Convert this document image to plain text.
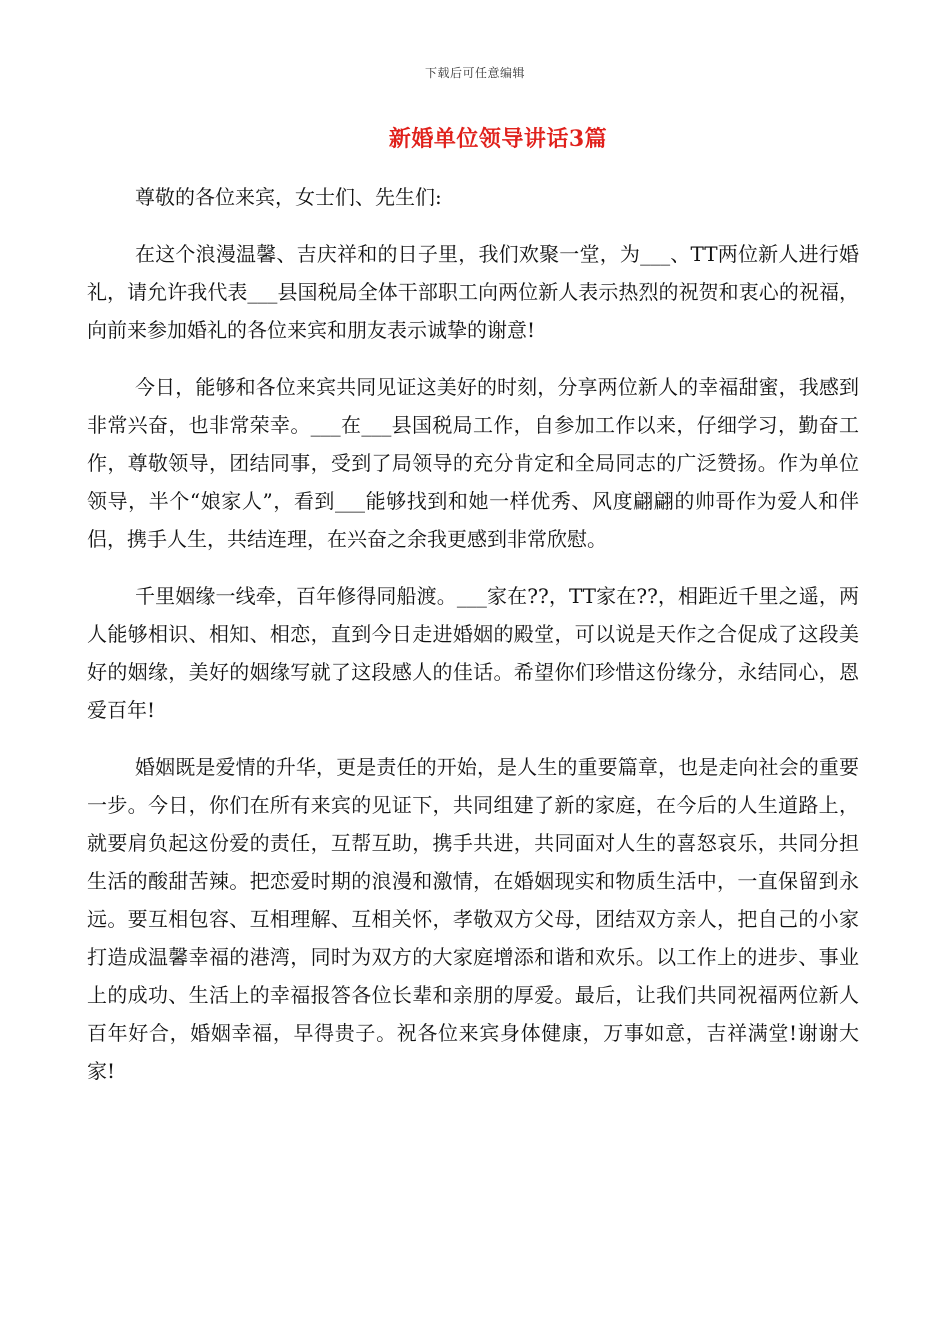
下载后可任意编辑
新婚单位领导讲话3篇

尊敬的各位来宾，女士们、先生们:

在这个浪漫温馨、吉庆祥和的日子里，我们欢聚一堂，为___、TT两位新人进行婚礼，请允许我代表___县国税局全体干部职工向两位新人表示热烈的祝贺和衷心的祝福，向前来参加婚礼的各位来宾和朋友表示诚挚的谢意!

今日，能够和各位来宾共同见证这美好的时刻，分享两位新人的幸福甜蜜，我感到非常兴奋，也非常荣幸。___在___县国税局工作，自参加工作以来，仔细学习，勤奋工作，尊敬领导，团结同事，受到了局领导的充分肯定和全局同志的广泛赞扬。作为单位领导，半个“娘家人”，看到___能够找到和她一样优秀、风度翩翩的帅哥作为爱人和伴侣，携手人生，共结连理，在兴奋之余我更感到非常欣慰。

千里姻缘一线牵，百年修得同船渡。___家在??，TT家在??，相距近千里之遥，两人能够相识、相知、相恋，直到今日走进婚姻的殿堂，可以说是天作之合促成了这段美好的姻缘，美好的姻缘写就了这段感人的佳话。希望你们珍惜这份缘分，永结同心，恩爱百年!

婚姻既是爱情的升华，更是责任的开始，是人生的重要篇章，也是走向社会的重要一步。今日，你们在所有来宾的见证下，共同组建了新的家庭，在今后的人生道路上，就要肩负起这份爱的责任，互帮互助，携手共进，共同面对人生的喜怒哀乐，共同分担生活的酸甜苦辣。把恋爱时期的浪漫和激情，在婚姻现实和物质生活中，一直保留到永远。要互相包容、互相理解、互相关怀，孝敬双方父母，团结双方亲人，把自己的小家打造成温馨幸福的港湾，同时为双方的大家庭增添和谐和欢乐。以工作上的进步、事业上的成功、生活上的幸福报答各位长辈和亲朋的厚爱。最后，让我们共同祝福两位新人百年好合，婚姻幸福，早得贵子。祝各位来宾身体健康，万事如意，吉祥满堂!谢谢大家!
